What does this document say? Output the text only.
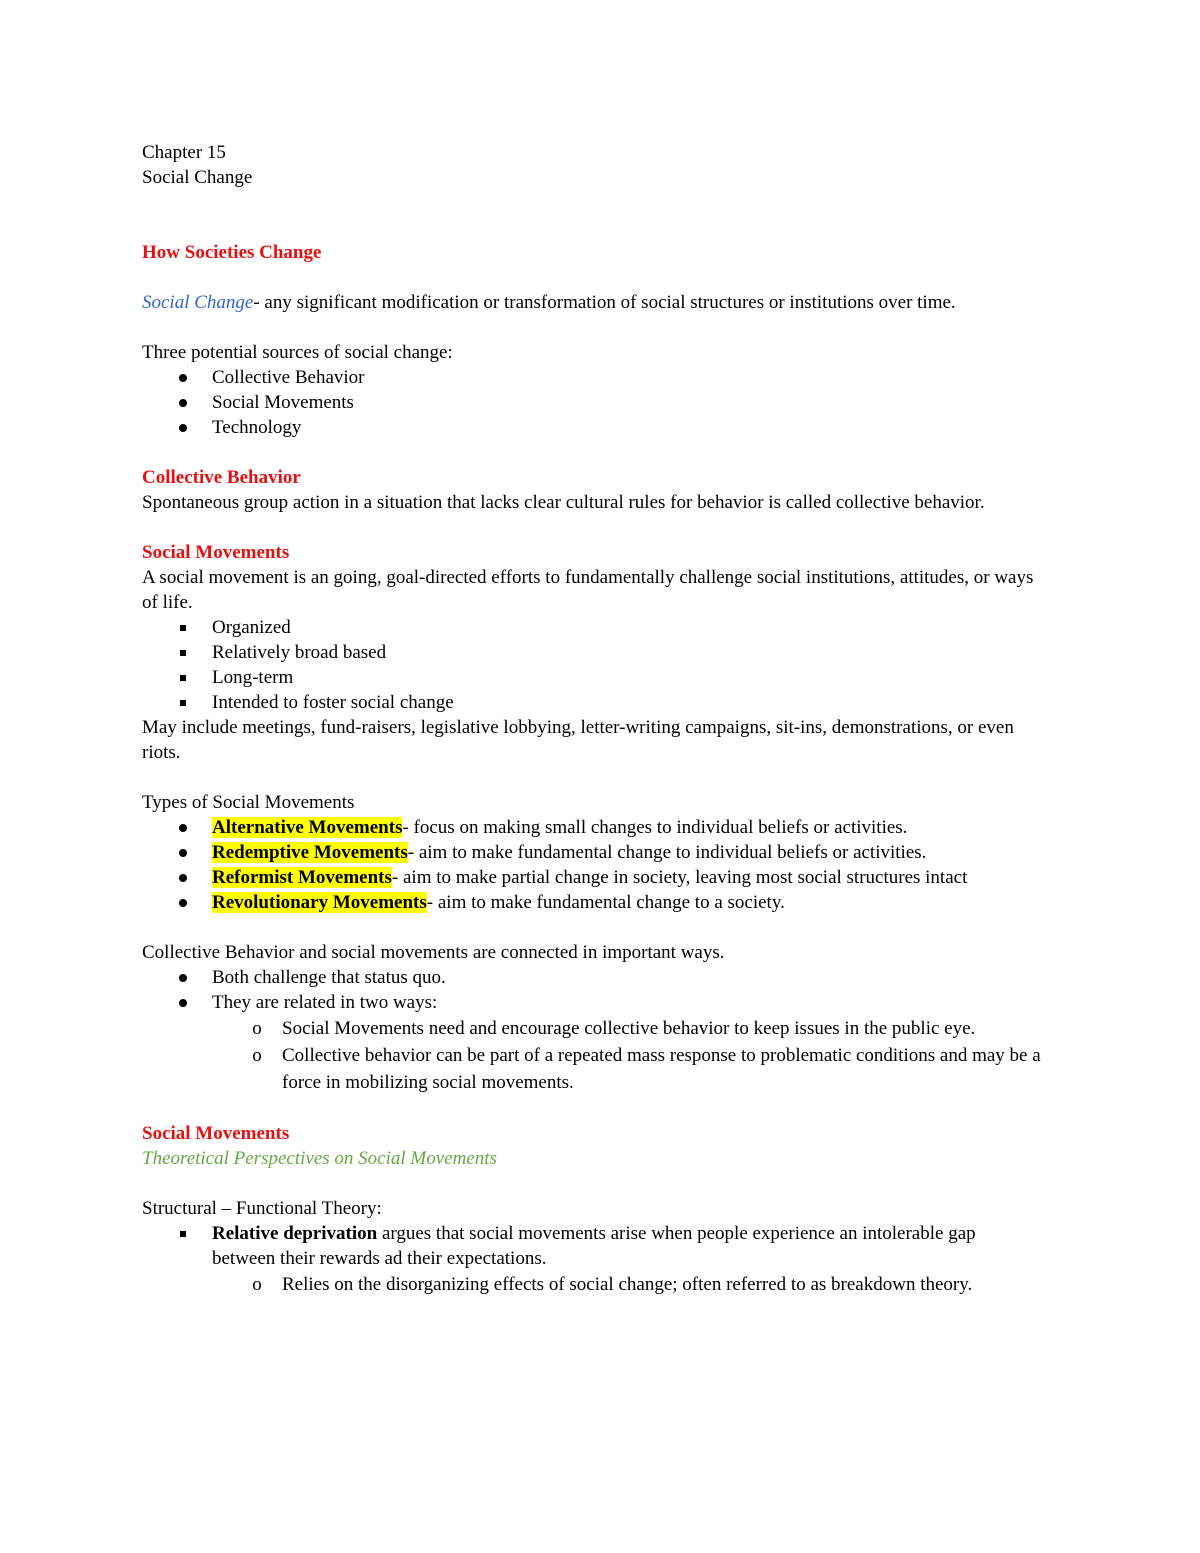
Chapter 15

Social Change

How Societies Change

Social Change- any significant modification or transformation of social structures or institutions over time.

Three potential sources of social change:

Collective Behavior
Social Movements
Technology

Collective Behavior

Spontaneous group action in a situation that lacks clear cultural rules for behavior is called collective behavior.

Social Movements

A social movement is an going, goal-directed efforts to fundamentally challenge social institutions, attitudes, or ways of life.

Organized
Relatively broad based
Long-term
Intended to foster social change

May include meetings, fund-raisers, legislative lobbying, letter-writing campaigns, sit-ins, demonstrations, or even riots.

Types of Social Movements

Alternative Movements- focus on making small changes to individual beliefs or activities.
Redemptive Movements- aim to make fundamental change to individual beliefs or activities.
Reformist Movements- aim to make partial change in society, leaving most social structures intact
Revolutionary Movements- aim to make fundamental change to a society.

Collective Behavior and social movements are connected in important ways.

Both challenge that status quo.
They are related in two ways:
o Social Movements need and encourage collective behavior to keep issues in the public eye.
o Collective behavior can be part of a repeated mass response to problematic conditions and may be a force in mobilizing social movements.

Social Movements

Theoretical Perspectives on Social Movements

Structural – Functional Theory:

Relative deprivation argues that social movements arise when people experience an intolerable gap between their rewards ad their expectations.
o Relies on the disorganizing effects of social change; often referred to as breakdown theory.
